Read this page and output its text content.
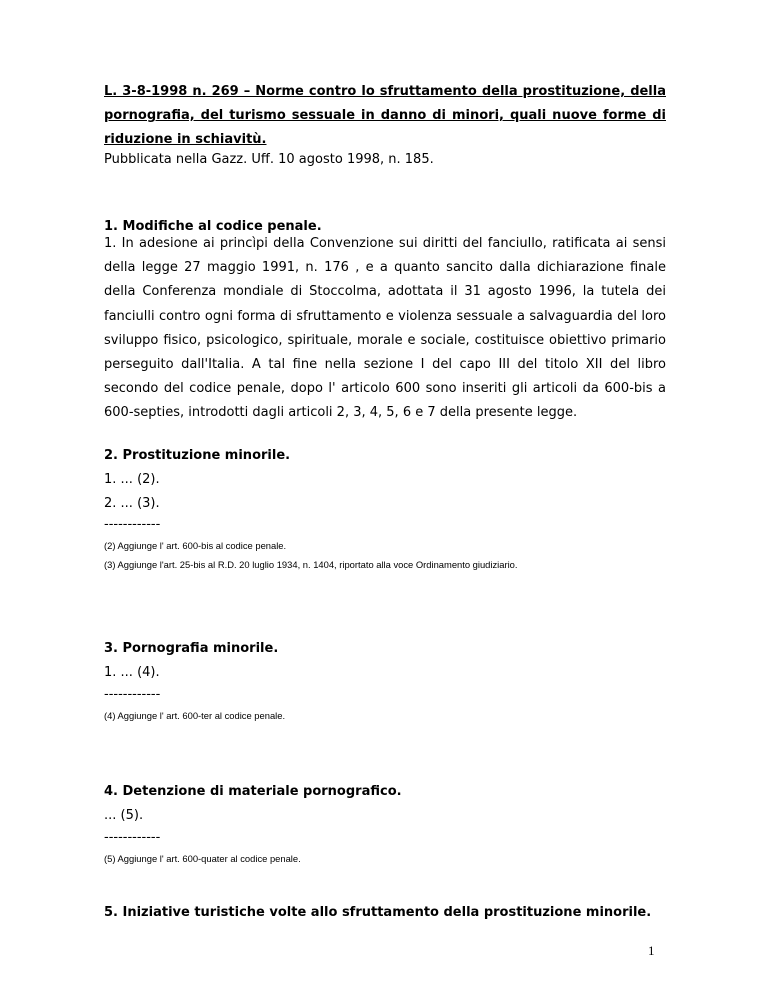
L. 3-8-1998 n. 269 – Norme contro lo sfruttamento della prostituzione, della pornografia, del turismo sessuale in danno di minori, quali nuove forme di riduzione in schiavitù.
Pubblicata nella Gazz. Uff. 10 agosto 1998, n. 185.
1. Modifiche al codice penale.
1. In adesione ai princìpi della Convenzione sui diritti del fanciullo, ratificata ai sensi della legge 27 maggio 1991, n. 176 , e a quanto sancito dalla dichiarazione finale della Conferenza mondiale di Stoccolma, adottata il 31 agosto 1996, la tutela dei fanciulli contro ogni forma di sfruttamento e violenza sessuale a salvaguardia del loro sviluppo fisico, psicologico, spirituale, morale e sociale, costituisce obiettivo primario perseguito dall'Italia. A tal fine nella sezione I del capo III del titolo XII del libro secondo del codice penale, dopo l' articolo 600 sono inseriti gli articoli da 600-bis a 600-septies, introdotti dagli articoli 2, 3, 4, 5, 6 e 7 della presente legge.
2. Prostituzione minorile.
1. ... (2).
2. ... (3).
------------
(2) Aggiunge l' art. 600-bis al codice penale.
(3) Aggiunge l'art. 25-bis al R.D. 20 luglio 1934, n. 1404, riportato alla voce Ordinamento giudiziario.
3. Pornografia minorile.
1. ... (4).
------------
(4) Aggiunge l' art. 600-ter al codice penale.
4. Detenzione di materiale pornografico.
... (5).
------------
(5) Aggiunge l' art. 600-quater al codice penale.
5. Iniziative turistiche volte allo sfruttamento della prostituzione minorile.
1
